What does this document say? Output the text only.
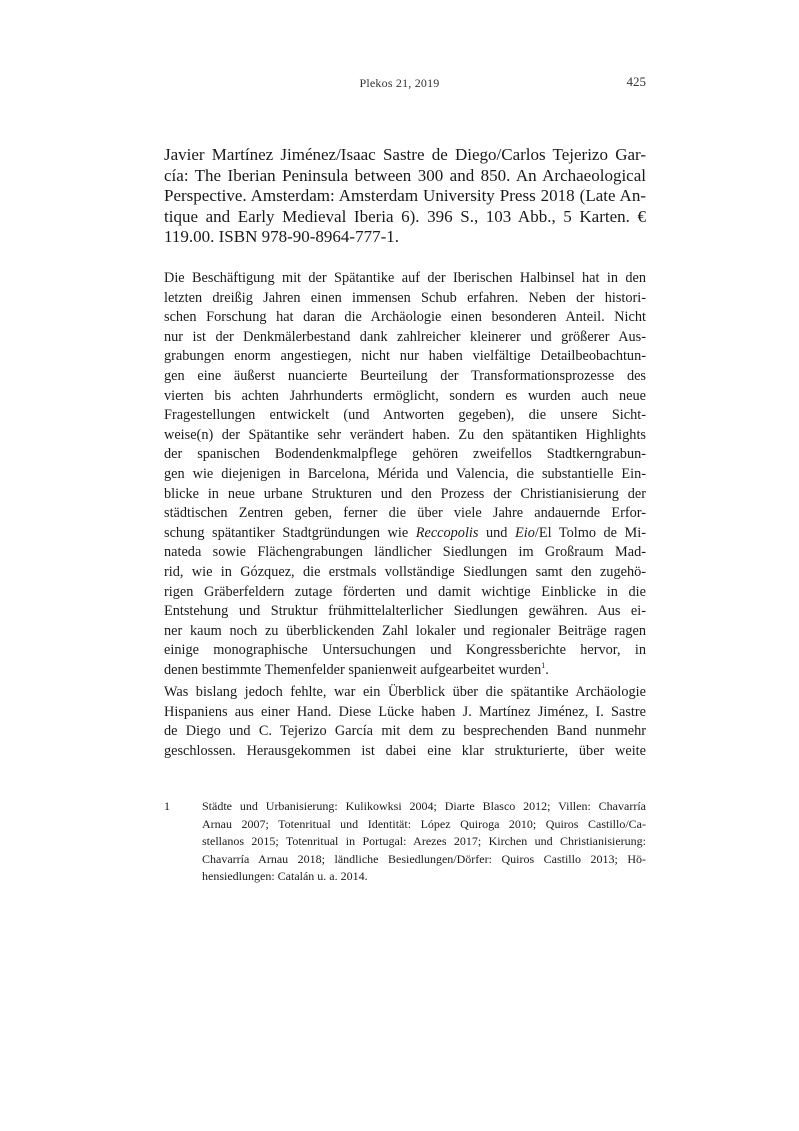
Plekos 21, 2019	425
Javier Martínez Jiménez/Isaac Sastre de Diego/Carlos Tejerizo Gar-
cía: The Iberian Peninsula between 300 and 850. An Archaeological
Perspective. Amsterdam: Amsterdam University Press 2018 (Late An-
tique and Early Medieval Iberia 6). 396 S., 103 Abb., 5 Karten. €
119.00. ISBN 978-90-8964-777-1.
Die Beschäftigung mit der Spätantike auf der Iberischen Halbinsel hat in den
letzten dreißig Jahren einen immensen Schub erfahren. Neben der histori-
schen Forschung hat daran die Archäologie einen besonderen Anteil. Nicht
nur ist der Denkmälerbestand dank zahlreicher kleinerer und größerer Aus-
grabungen enorm angestiegen, nicht nur haben vielfältige Detailbeobachtun-
gen eine äußerst nuancierte Beurteilung der Transformationsprozesse des
vierten bis achten Jahrhunderts ermöglicht, sondern es wurden auch neue
Fragestellungen entwickelt (und Antworten gegeben), die unsere Sicht-
weise(n) der Spätantike sehr verändert haben. Zu den spätantiken Highlights
der spanischen Bodendenkmalpflege gehören zweifellos Stadtkerngrabun-
gen wie diejenigen in Barcelona, Mérida und Valencia, die substantielle Ein-
blicke in neue urbane Strukturen und den Prozess der Christianisierung der
städtischen Zentren geben, ferner die über viele Jahre andauernde Erfor-
schung spätantiker Stadtgründungen wie Reccopolis und Eio/El Tolmo de Mi-
nateda sowie Flächengrabungen ländlicher Siedlungen im Großraum Mad-
rid, wie in Gózquez, die erstmals vollständige Siedlungen samt den zugehö-
rigen Gräberfeldern zutage förderten und damit wichtige Einblicke in die
Entstehung und Struktur frühmittelalterlicher Siedlungen gewähren. Aus ei-
ner kaum noch zu überblickenden Zahl lokaler und regionaler Beiträge ragen
einige monographische Untersuchungen und Kongressberichte hervor, in
denen bestimmte Themenfelder spanienweit aufgearbeitet wurden$^1$.
Was bislang jedoch fehlte, war ein Überblick über die spätantike Archäologie
Hispaniens aus einer Hand. Diese Lücke haben J. Martínez Jiménez, I. Sastre
de Diego und C. Tejerizo García mit dem zu besprechenden Band nunmehr
geschlossen. Herausgekommen ist dabei eine klar strukturierte, über weite
1	Städte und Urbanisierung: Kulikowksi 2004; Diarte Blasco 2012; Villen: Chavarría
Arnau 2007; Totenritual und Identität: López Quiroga 2010; Quiros Castillo/Ca-
stellanos 2015; Totenritual in Portugal: Arezes 2017; Kirchen und Christianisierung:
Chavarría Arnau 2018; ländliche Besiedlungen/Dörfer: Quiros Castillo 2013; Hö-
hensiedlungen: Catalán u. a. 2014.
